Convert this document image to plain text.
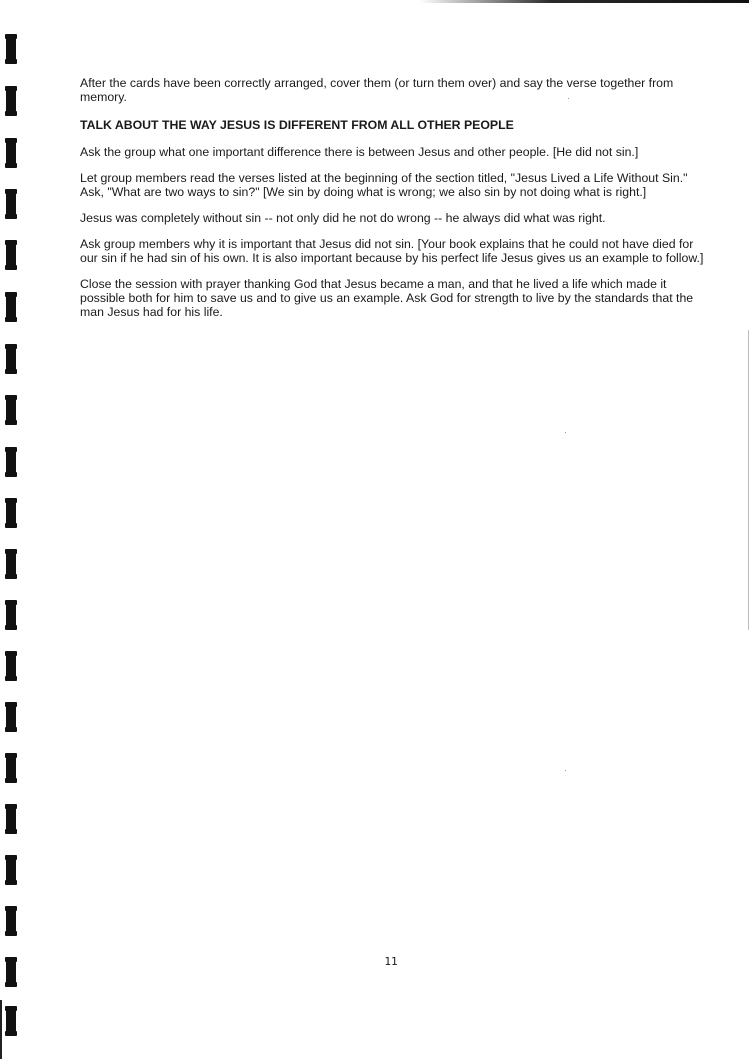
After the cards have been correctly arranged, cover them (or turn them over) and say the verse together from memory.

TALK ABOUT THE WAY JESUS IS DIFFERENT FROM ALL OTHER PEOPLE

Ask the group what one important difference there is between Jesus and other people. [He did not sin.]

Let group members read the verses listed at the beginning of the section titled, "Jesus Lived a Life Without Sin." Ask, "What are two ways to sin?" [We sin by doing what is wrong; we also sin by not doing what is right.]

Jesus was completely without sin -- not only did he not do wrong -- he always did what was right.

Ask group members why it is important that Jesus did not sin. [Your book explains that he could not have died for our sin if he had sin of his own. It is also important because by his perfect life Jesus gives us an example to follow.]

Close the session with prayer thanking God that Jesus became a man, and that he lived a life which made it possible both for him to save us and to give us an example. Ask God for strength to live by the standards that the man Jesus had for his life.

11
